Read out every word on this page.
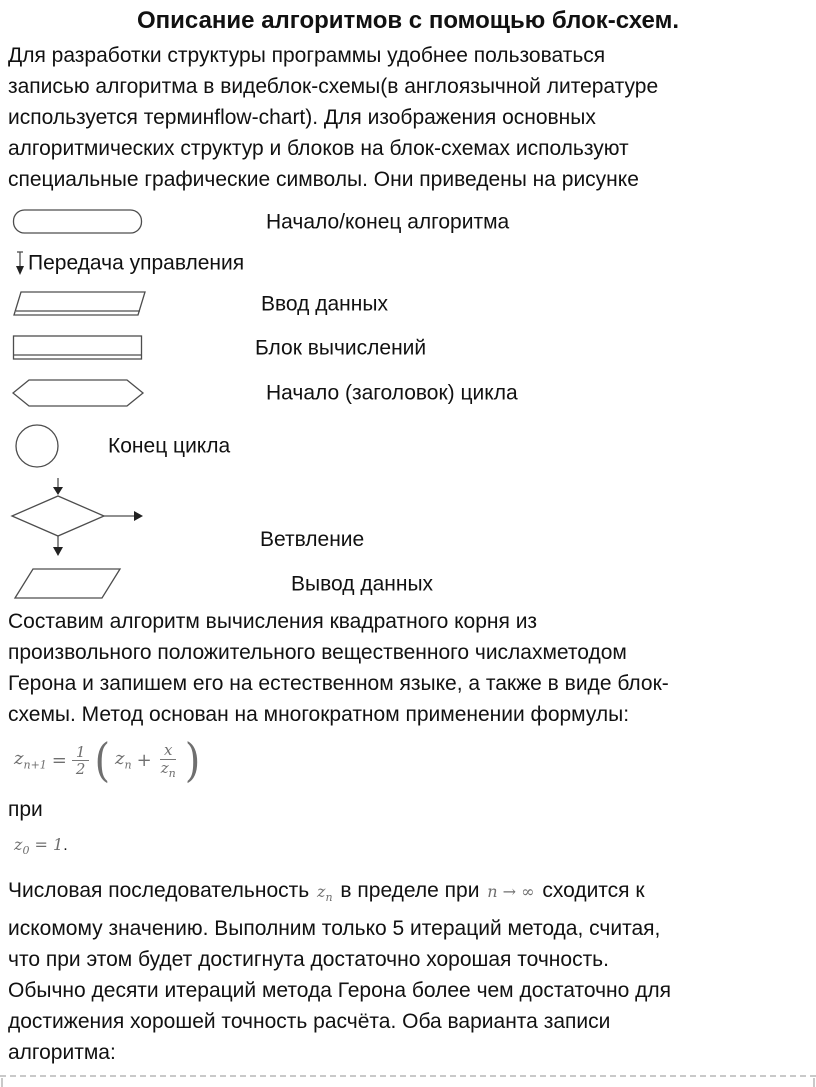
Описание алгоритмов с помощью блок-схем.
Для разработки структуры программы удобнее пользоваться
записью алгоритма в видеблок-схемы(в англоязычной литературе
используется терминflow-chart). Для изображения основных
алгоритмических структур и блоков на блок-схемах используют
специальные графические символы. Они приведены на рисунке
Начало/конец алгоритма
Передача управления
Ввод данных
Блок вычислений
Начало (заголовок) цикла
Конец цикла
Ветвление
Вывод данных
Составим алгоритм вычисления квадратного корня из
произвольного положительного вещественного числахметодом
Герона и запишем его на естественном языке, а также в виде блок-
схемы. Метод основан на многократном применении формулы:
$z_{n+1} = \frac{1}{2}$ ( $z_n + \frac{x}{z_n}$ )
при
$z_0 = 1$.
Числовая последовательность $z_n$ в пределе при n → ∞ сходится к
искомому значению. Выполним только 5 итераций метода, считая,
что при этом будет достигнута достаточно хорошая точность.
Обычно десяти итераций метода Герона более чем достаточно для
достижения хорошей точность расчёта. Оба варианта записи
алгоритма:
